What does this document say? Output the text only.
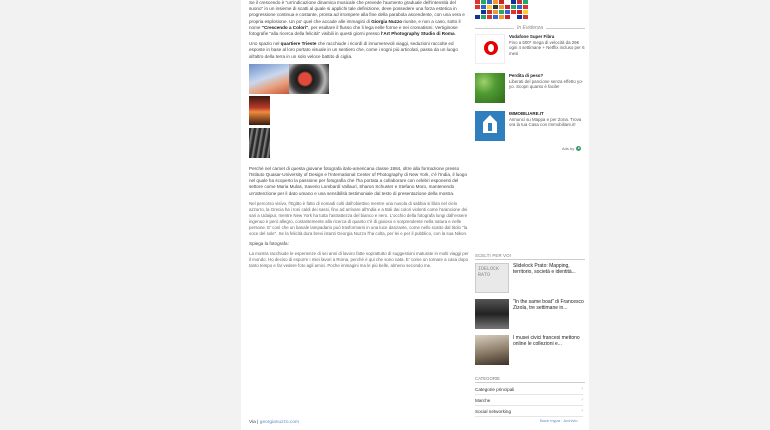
Se il crescendo è "un'indicazione dinamica musicale che prevede l'aumento graduale dell'intensità del suono" in un insieme di scatti al quale si applichi tale definizione, deve possedere una forza estetica in progressione continua e costante, pronta ad irrompere alla fine della parabola ascendente, con una vera e propria esplosione. Un po' quel che accade alle immagini di Giorgia Nuzzo riunite, e non a caso, sotto il nome "Crescendo a Colori", per esaltare il flusso che li lega nelle forme e nei cromatismi. Vertiginose fotografie "alla ricerca della felicità" visibili in questi giorni presso l'Art Photography Studio di Roma.

Uno spazio nel quartiere Trieste che racchiude i ricordi di innumerevoli viaggi, seduzioni raccolte ed esposte in base al loro portato visuale in un sentiero che, come i sogni più articolati, passa da un luogo all'altro della terra in un solo veloce battito di ciglia.

Perché nel carnet di questa giovane fotografa italo-americana classe 1984, oltre alla formazione presso l'Istituto Quasar-University of Design e l'International Center of Photography di New York, c'è l'India, il luogo nel quale ha scoperto la passione per fotografia che l'ha portata a collaborare con celebri esponenti del settore come Maria Mulas, Saverio Lombardi Vallauri, Sharon Schuster e Stefano Moro, mantenendo un'attenzione per il dato umano e una sensibilità testimoniale dal testo di presentazione della mostra.

Nel percorso visivo, l'Egitto è fatto di nomadi colti dall'obiettivo mentre una nuvola di sabbia si libra nel cielo azzurro, la Grecia ha i toni caldi dei sassi, fino ad arrivare all'India e a Bali dai colori violenti come l'arancione dei sari a Udaipur, mentre New York ha tutta l'astrattezza del bianco e nero. L'occhio della fotografa lungi dall'essere ingenuo è però allegro, costantemente alla ricerca di quanto c'è di gioioso e sorprendente nella natura e nelle persone. E' così che un banale lampadario può trasformarsi in una luce danzante, come nello scatto dal titolo "la voce del sole". Se la felicità dura brevi istanti Georgia Nuzzo l'ha colta, per lei e per il pubblico, con la sua Nikon.

Spiega la fotografa:

La mostra racchiude le esperienze di sei anni di lavoro fatte soprattutto di suggestioni maturate in molti viaggi per il mondo. Ho deciso di esporre i miei lavori a Roma, perché è qui che sono nata. E' come un tornare a casa dopo tanto tempo e far vedere foto agli amici. Poche immagini ma le più belle, almeno secondo me.

Via | georgianuzzo.com
In Evidenza
Vodafone Super Fibra
Fino a 500* mega di velocità da 29€ ogni 4 settimane + Netflix incluso per 6 mesi
Perdita di peso?
Liberati del pancione senza effetto yo-yo. Scopri quanto è facile!
IMMOBILIARE.IT
Annunci su Mappa e per Zona. Trova ora la tua Casa con Immobiliare.it!
Ads by ●
SCELTI PER VOI
IDELOCK RATO
Slidelock Prato: Mapping, territorio, società e identità...
"In the same boat" di Francesco Zizola, tre settimane in...
I musei civici francesi mettono online le collezioni e...
CATEGORIE
Categorie principali	›
Marche	›
Social networking	›
Back·mypa · Archivio
